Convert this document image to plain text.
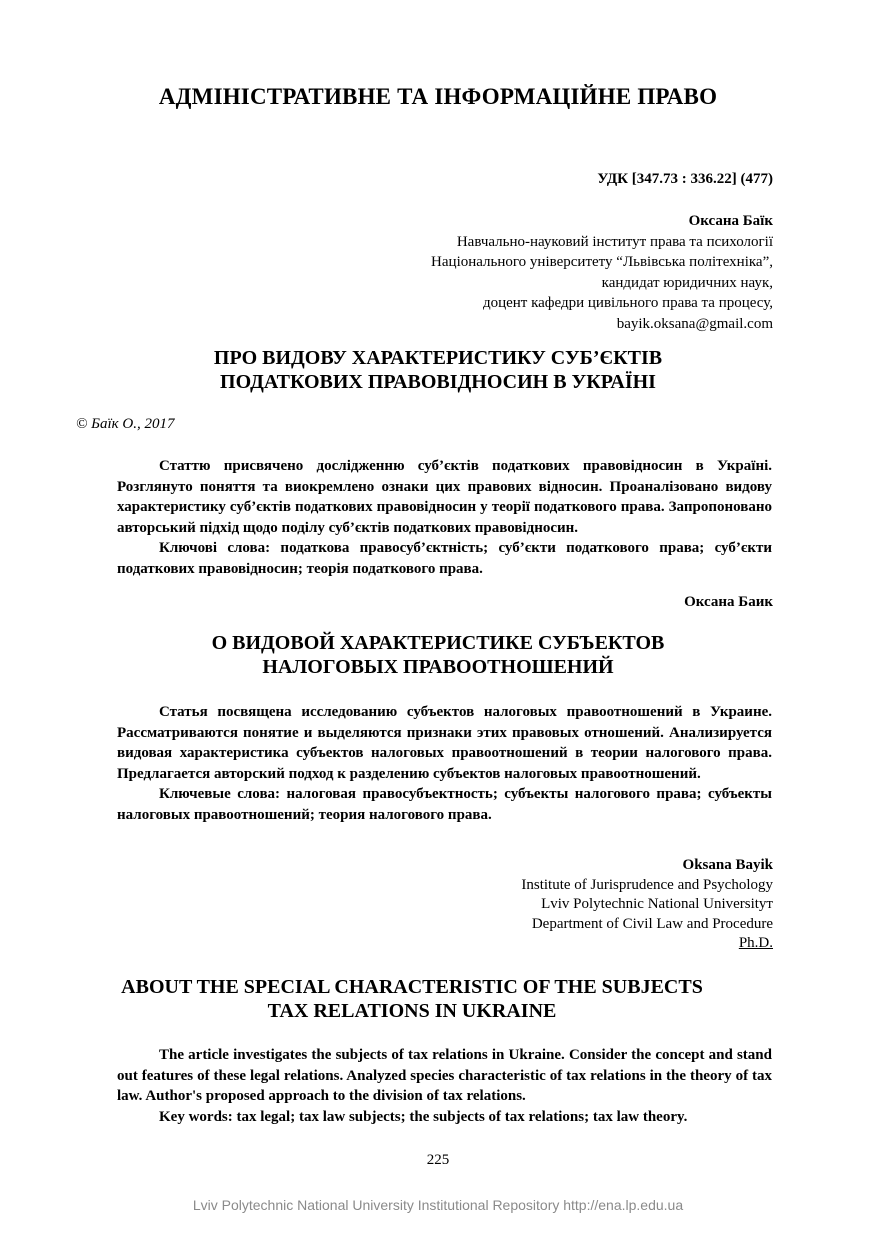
АДМІНІСТРАТИВНЕ ТА ІНФОРМАЦІЙНЕ ПРАВО
УДК [347.73 : 336.22] (477)
Оксана Баїк
Навчально-науковий інститут права та психології
Національного університету “Львівська політехніка”,
кандидат юридичних наук,
доцент кафедри цивільного права та процесу,
bayik.oksana@gmail.com
ПРО ВИДОВУ ХАРАКТЕРИСТИКУ СУБ’ЄКТІВ
ПОДАТКОВИХ ПРАВОВІДНОСИН В УКРАЇНІ
© Баїк О., 2017

Статтю присвячено дослідженню суб’єктів податкових правовідносин в Україні. Розглянуто поняття та виокремлено ознаки цих правових відносин. Проаналізовано видову характеристику суб’єктів податкових правовідносин у теорії податкового права. Запропоновано авторський підхід щодо поділу суб’єктів податкових правовідносин.

Ключові слова: податкова правосуб’єктність; суб’єкти податкового права; суб’єкти податкових правовідносин; теорія податкового права.

Оксана Баик
О ВИДОВОЙ ХАРАКТЕРИСТИКЕ СУБЪЕКТОВ
НАЛОГОВЫХ ПРАВООТНОШЕНИЙ

Статья посвящена исследованию субъектов налоговых правоотношений в Украине. Рассматриваются понятие и выделяются признаки этих правовых отношений. Анализируется видовая характеристика субъектов налоговых правоотношений в теории налогового права. Предлагается авторский подход к разделению субъектов налоговых правоотношений.

Ключевые слова: налоговая правосубъектность; субъекты налогового права; субъекты налоговых правоотношений; теория налогового права.

Oksana Bayik
Institute of Jurisprudence and Psychology
Lviv Polytechnic National Universityт
Department of Civil Law and Procedure
Ph.D.
ABOUT THE SPECIAL CHARACTERISTIC OF THE SUBJECTS
TAX RELATIONS IN UKRAINE

The article investigates the subjects of tax relations in Ukraine. Consider the concept and stand out features of these legal relations. Analyzed species characteristic of tax relations in the theory of tax law. Author's proposed approach to the division of tax relations.

Key words: tax legal; tax law subjects; the subjects of tax relations; tax law theory.

225
Lviv Polytechnic National University Institutional Repository http://ena.lp.edu.ua
